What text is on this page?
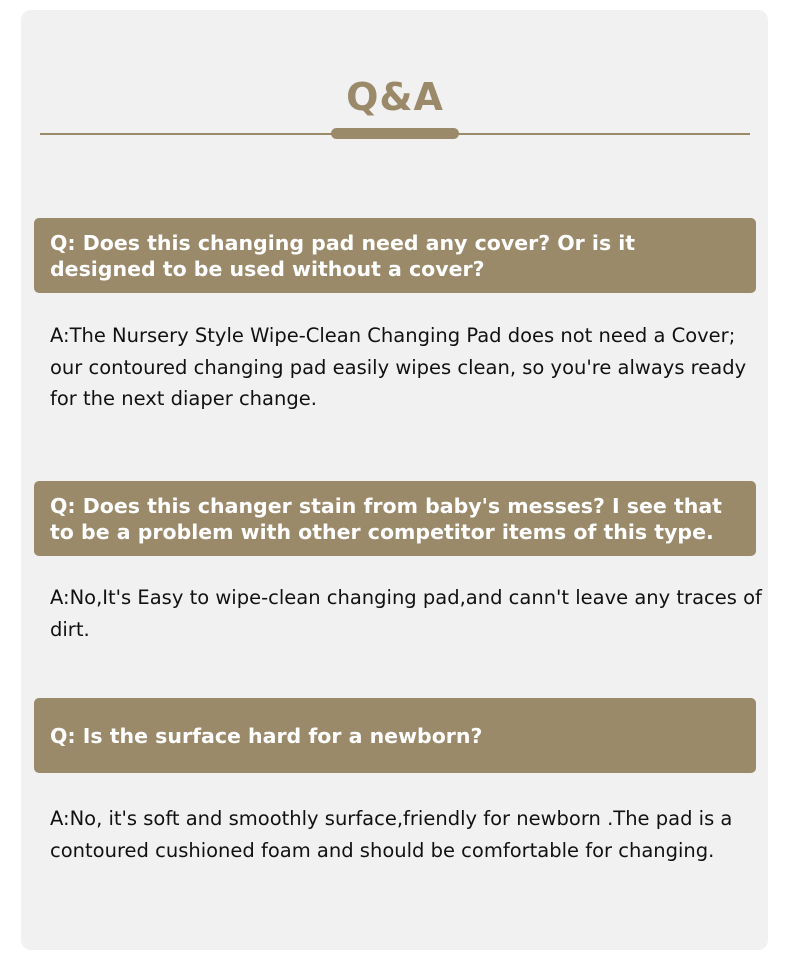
Q&A
Q: Does this changing pad need any cover? Or is it designed to be used without a cover?
A:The Nursery Style Wipe-Clean Changing Pad does not need a Cover; our contoured changing pad easily wipes clean, so you're always ready for the next diaper change.
Q: Does this changer stain from baby's messes? I see that to be a problem with other competitor items of this type.
A:No,It's Easy to wipe-clean changing pad,and cann't leave any traces of dirt.
Q: Is the surface hard for a newborn?
A:No, it's soft and smoothly surface,friendly for newborn .The pad is a contoured cushioned foam and should be comfortable for changing.
